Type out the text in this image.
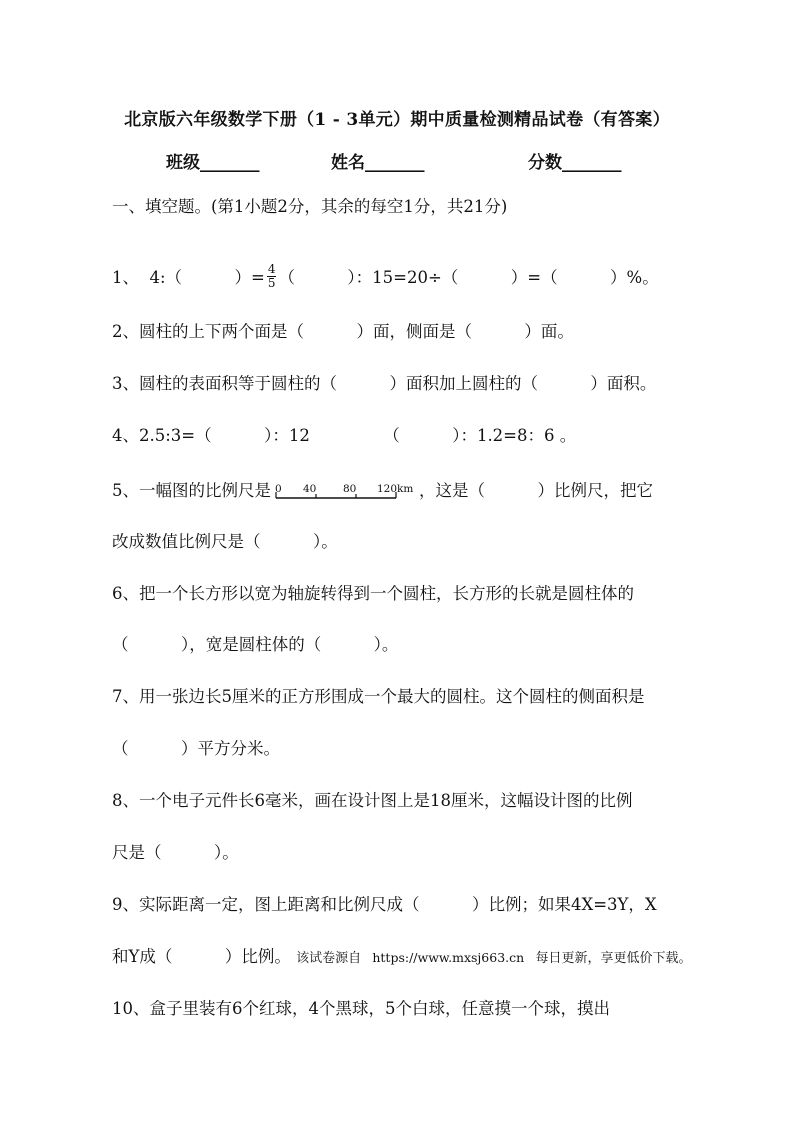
北京版六年级数学下册（1 - 3单元）期中质量检测精品试卷（有答案）
班级_______	姓名_______	分数_______
一、填空题。(第1小题2分，其余的每空1分，共21分)
1、  4:（          ）= $\frac{4}{5}$ （          ）：15=20÷（          ）=（          ）%。
2、圆柱的上下两个面是（          ）面，侧面是（          ）面。
3、圆柱的表面积等于圆柱的（          ）面积加上圆柱的（          ）面积。
4、2.5:3=（          ）：12              （          ）：1.2=8：6 。
5、一幅图的比例尺是 0 40	80 120km ，这是（          ）比例尺，把它
改成数值比例尺是（          ）。
6、把一个长方形以宽为轴旋转得到一个圆柱，长方形的长就是圆柱体的
（          ），宽是圆柱体的（          ）。
7、用一张边长5厘米的正方形围成一个最大的圆柱。这个圆柱的侧面积是
（          ）平方分米。
8、一个电子元件长6毫米，画在设计图上是18厘米，这幅设计图的比例
尺是（          ）。
9、实际距离一定，图上距离和比例尺成（          ）比例；如果4X=3Y，X
和Y成（          ）比例。 该试卷源自 https://www.mxsj663.cn 每日更新，享更低价下载。
10、盒子里装有6个红球，4个黑球，5个白球，任意摸一个球，摸出
